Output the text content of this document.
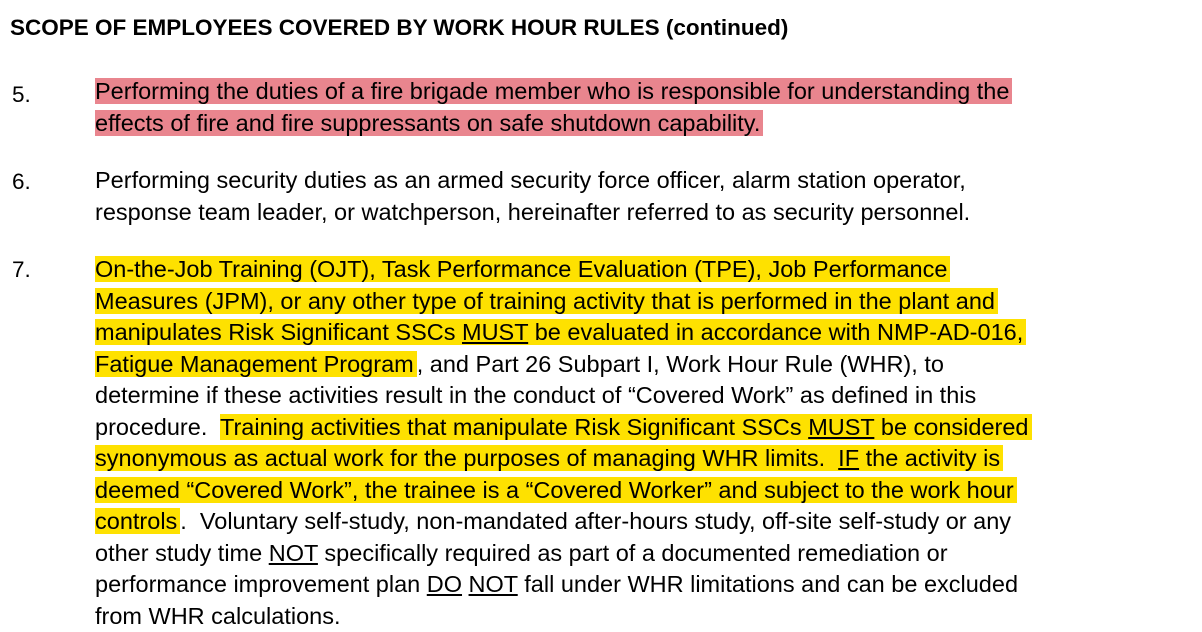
SCOPE OF EMPLOYEES COVERED BY WORK HOUR RULES (continued)
5.	Performing the duties of a fire brigade member who is responsible for understanding the
effects of fire and fire suppressants on safe shutdown capability.
6.	Performing security duties as an armed security force officer, alarm station operator,
response team leader, or watchperson, hereinafter referred to as security personnel.
7.	On-the-Job Training (OJT), Task Performance Evaluation (TPE), Job Performance
Measures (JPM), or any other type of training activity that is performed in the plant and
manipulates Risk Significant SSCs MUST be evaluated in accordance with NMP-AD-016,
Fatigue Management Program , and Part 26 Subpart I, Work Hour Rule (WHR), to
determine if these activities result in the conduct of “Covered Work” as defined in this
procedure.  Training activities that manipulate Risk Significant SSCs MUST be considered
synonymous as actual work for the purposes of managing WHR limits.  IF the activity is
deemed “Covered Work”, the trainee is a “Covered Worker” and subject to the work hour
controls .  Voluntary self-study, non-mandated after-hours study, off-site self-study or any
other study time NOT specifically required as part of a documented remediation or
performance improvement plan DO NOT fall under WHR limitations and can be excluded
from WHR calculations.
